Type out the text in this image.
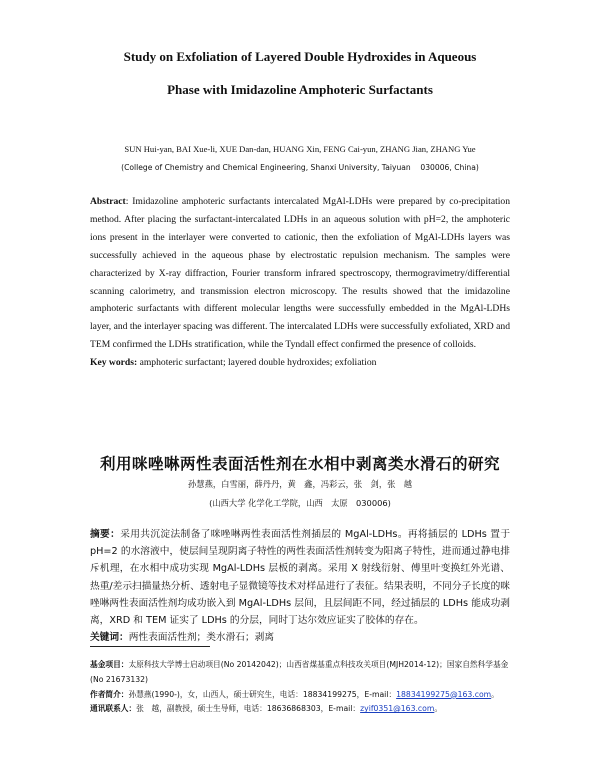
Study on Exfoliation of Layered Double Hydroxides in Aqueous
Phase with Imidazoline Amphoteric Surfactants
SUN Hui-yan, BAI Xue-li, XUE Dan-dan, HUANG Xin, FENG Cai-yun, ZHANG Jian, ZHANG Yue
(College of Chemistry and Chemical Engineering, Shanxi University, Taiyuan    030006, China)
Abstract: Imidazoline amphoteric surfactants intercalated MgAl-LDHs were prepared by co-precipitation method. After placing the surfactant-intercalated LDHs in an aqueous solution with pH=2, the amphoteric ions present in the interlayer were converted to cationic, then the exfoliation of MgAl-LDHs layers was successfully achieved in the aqueous phase by electrostatic repulsion mechanism. The samples were characterized by X-ray diffraction, Fourier transform infrared spectroscopy, thermogravimetry/differential scanning calorimetry, and transmission electron microscopy. The results showed that the imidazoline amphoteric surfactants with different molecular lengths were successfully embedded in the MgAl-LDHs layer, and the interlayer spacing was different. The intercalated LDHs were successfully exfoliated, XRD and TEM confirmed the LDHs stratification, while the Tyndall effect confirmed the presence of colloids.
Key words: amphoteric surfactant; layered double hydroxides; exfoliation
利用咪唑啉两性表面活性剂在水相中剥离类水滑石的研究
孙慧燕，白雪丽，薛丹丹，黄　鑫，冯彩云，张　剑，张　越
(山西大学 化学化工学院，山西　太原　030006)
摘要：采用共沉淀法制备了咪唑啉两性表面活性剂插层的 MgAl-LDHs。再将插层的 LDHs 置于 pH=2 的水溶液中，使层间呈现阴离子特性的两性表面活性剂转变为阳离子特性，进而通过静电排斥机理，在水相中成功实现 MgAl-LDHs 层板的剥离。采用 X 射线衍射、傅里叶变换红外光谱、热重/差示扫描量热分析、透射电子显微镜等技术对样品进行了表征。结果表明，不同分子长度的咪唑啉两性表面活性剂均成功嵌入到 MgAl-LDHs 层间，且层间距不同，经过插层的 LDHs 能成功剥离，XRD 和 TEM 证实了 LDHs 的分层，同时丁达尔效应证实了胶体的存在。
关键词：两性表面活性剂；类水滑石；剥离
基金项目：太原科技大学博士启动项目(No 20142042)；山西省煤基重点科技攻关项目(MJH2014-12)；国家自然科学基金(No 21673132)
作者简介：孙慧燕(1990-)，女，山西人，硕士研究生，电话：18834199275，E-mail：18834199275@163.com。
通讯联系人：张　越，副教授，硕士生导师，电话：18636868303，E-mail：zyif0351@163.com。
